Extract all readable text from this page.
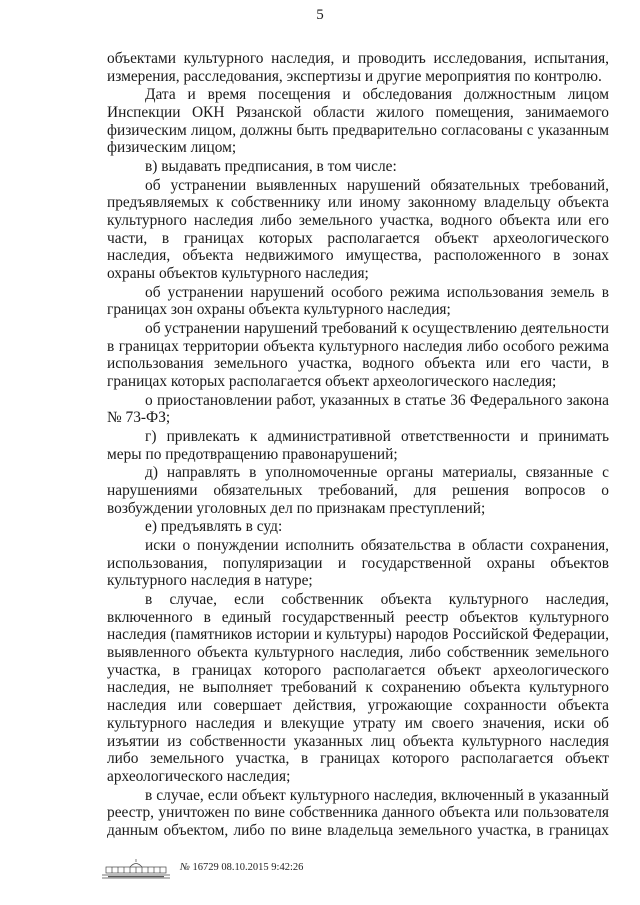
5

объектами культурного наследия, и проводить исследования, испытания, измерения, расследования, экспертизы и другие мероприятия по контролю.

Дата и время посещения и обследования должностным лицом Инспекции ОКН Рязанской области жилого помещения, занимаемого физическим лицом, должны быть предварительно согласованы с указанным физическим лицом;

в) выдавать предписания, в том числе:

об устранении выявленных нарушений обязательных требований, предъявляемых к собственнику или иному законному владельцу объекта культурного наследия либо земельного участка, водного объекта или его части, в границах которых располагается объект археологического наследия, объекта недвижимого имущества, расположенного в зонах охраны объектов культурного наследия;

об устранении нарушений особого режима использования земель в границах зон охраны объекта культурного наследия;

об устранении нарушений требований к осуществлению деятельности в границах территории объекта культурного наследия либо особого режима использования земельного участка, водного объекта или его части, в границах которых располагается объект археологического наследия;

о приостановлении работ, указанных в статье 36 Федерального закона № 73-ФЗ;

г) привлекать к административной ответственности и принимать меры по предотвращению правонарушений;

д) направлять в уполномоченные органы материалы, связанные с нарушениями обязательных требований, для решения вопросов о возбуждении уголовных дел по признакам преступлений;

е) предъявлять в суд:

иски о понуждении исполнить обязательства в области сохранения, использования, популяризации и государственной охраны объектов культурного наследия в натуре;

в случае, если собственник объекта культурного наследия, включенного в единый государственный реестр объектов культурного наследия (памятников истории и культуры) народов Российской Федерации, выявленного объекта культурного наследия, либо собственник земельного участка, в границах которого располагается объект археологического наследия, не выполняет требований к сохранению объекта культурного наследия или совершает действия, угрожающие сохранности объекта культурного наследия и влекущие утрату им своего значения, иски об изъятии из собственности указанных лиц объекта культурного наследия либо земельного участка, в границах которого располагается объект археологического наследия;

в случае, если объект культурного наследия, включенный в указанный реестр, уничтожен по вине собственника данного объекта или пользователя данным объектом, либо по вине владельца земельного участка, в границах

№ 16729 08.10.2015 9:42:26
